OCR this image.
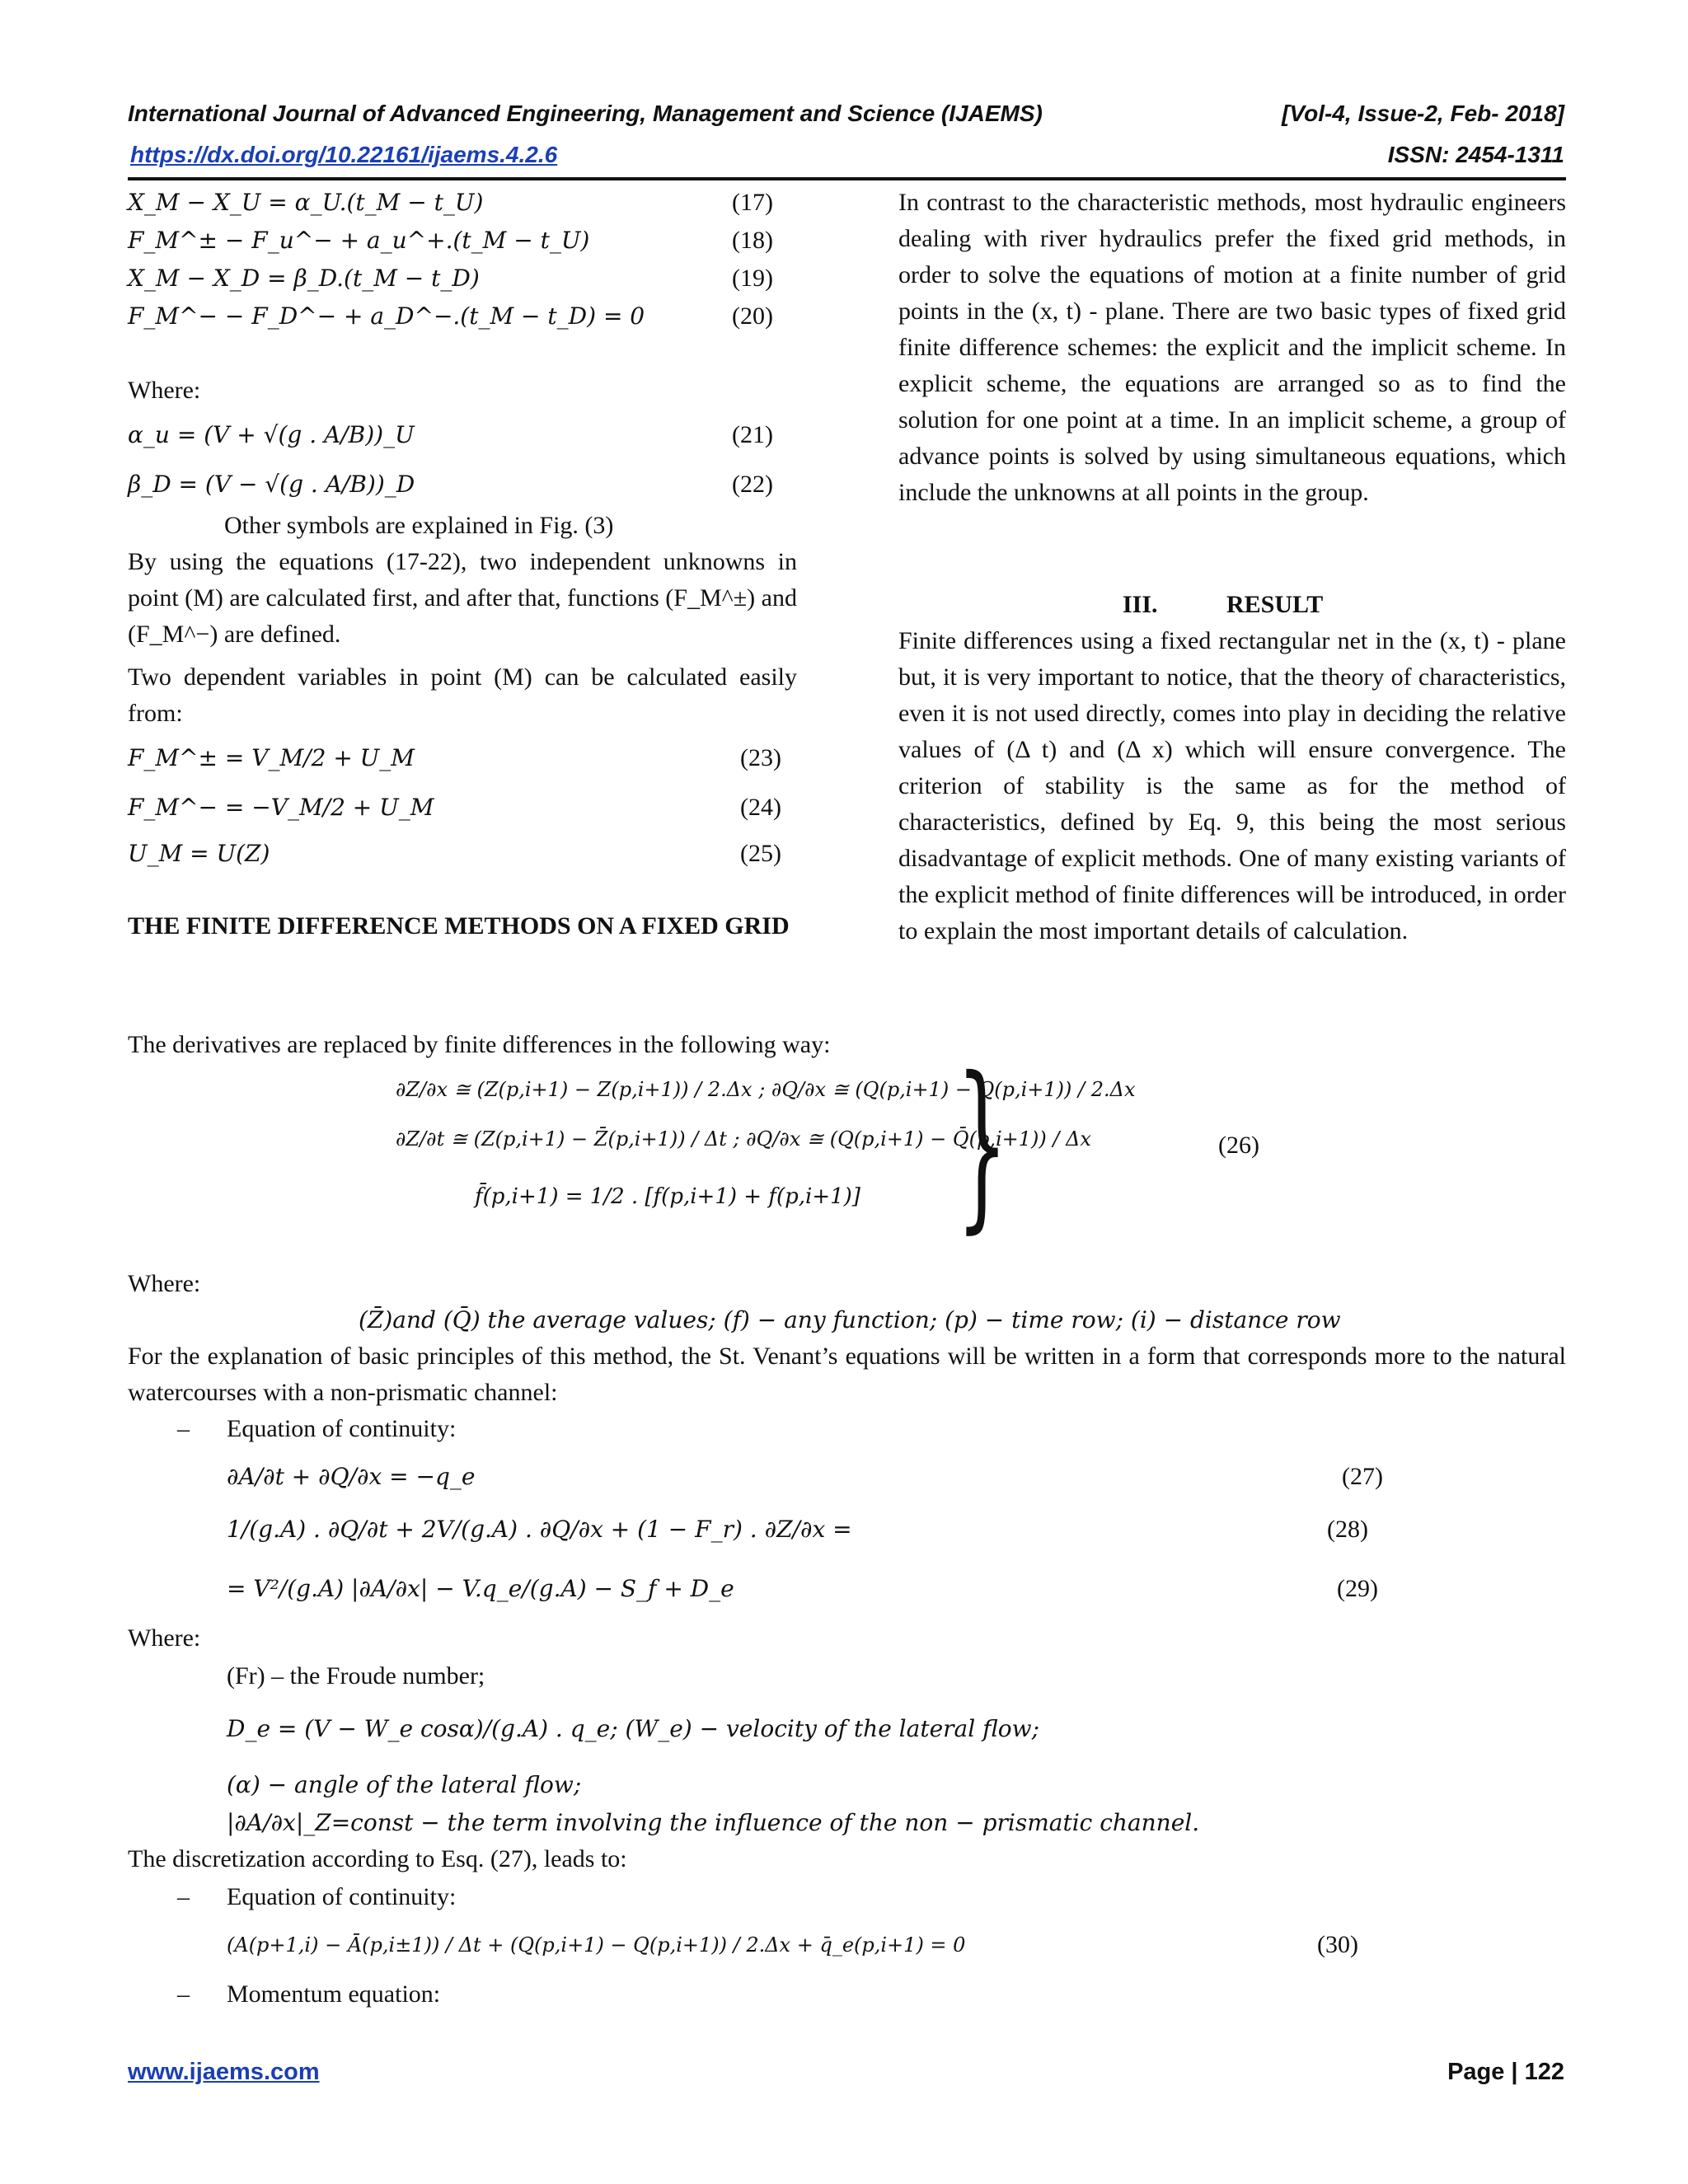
International Journal of Advanced Engineering, Management and Science (IJAEMS)	[Vol-4, Issue-2, Feb- 2018]
https://dx.doi.org/10.22161/ijaems.4.2.6	ISSN: 2454-1311
X_M − X_U = α_U.(t_M − t_U)	(17)
F_M^± − F_u^− + a_u^+.(t_M − t_U)	(18)
X_M − X_D = β_D.(t_M − t_D)	(19)
F_M^− − F_D^− + a_D^−.(t_M − t_D) = 0	(20)
Where:
α_u = (V + √(g . A/B))_U	(21)
β_D = (V − √(g . A/B))_D	(22)
Other symbols are explained in Fig. (3)
By using the equations (17-22), two independent unknowns in point (M) are calculated first, and after that, functions (F_M^±) and (F_M^−) are defined.
Two dependent variables in point (M) can be calculated easily from:
F_M^± = V_M/2 + U_M	(23)
F_M^− = −V_M/2 + U_M	(24)
U_M = U(Z)	(25)
THE FINITE DIFFERENCE METHODS ON A FIXED GRID
In contrast to the characteristic methods, most hydraulic engineers dealing with river hydraulics prefer the fixed grid methods, in order to solve the equations of motion at a finite number of grid points in the (x, t) - plane. There are two basic types of fixed grid finite difference schemes: the explicit and the implicit scheme. In explicit scheme, the equations are arranged so as to find the solution for one point at a time. In an implicit scheme, a group of advance points is solved by using simultaneous equations, which include the unknowns at all points in the group.
III.	RESULT
Finite differences using a fixed rectangular net in the (x, t) - plane but, it is very important to notice, that the theory of characteristics, even it is not used directly, comes into play in deciding the relative values of (Δ t) and (Δ x) which will ensure convergence. The criterion of stability is the same as for the method of characteristics, defined by Eq. 9, this being the most serious disadvantage of explicit methods. One of many existing variants of the explicit method of finite differences will be introduced, in order to explain the most important details of calculation.
The derivatives are replaced by finite differences in the following way:
∂Z/∂x ≅ (Z(p,i+1) − Z(p,i+1)) / 2.Δx ; ∂Q/∂x ≅ (Q(p,i+1) − Q(p,i+1)) / 2.Δx
∂Z/∂t ≅ (Z(p,i+1) − Z̄(p,i+1)) / Δt ; ∂Q/∂x ≅ (Q(p,i+1) − Q̄(p,i+1)) / Δx
f̄(p,i+1) = 1/2 . [f(p,i+1) + f(p,i+1)] }	(26)
Where:
(Z̄)and (Q̄) the average values; (f) − any function; (p) − time row; (i) − distance row
For the explanation of basic principles of this method, the St. Venant’s equations will be written in a form that corresponds more to the natural watercourses with a non-prismatic channel:
– Equation of continuity:
∂A/∂t + ∂Q/∂x = −q_e	(27)
1/(g.A) . ∂Q/∂t + 2V/(g.A) . ∂Q/∂x + (1 − F_r) . ∂Z/∂x =	(28)
= V²/(g.A) |∂A/∂x| − V.q_e/(g.A) − S_f + D_e	(29)
Where:
(Fr) – the Froude number;
D_e = (V − W_e cosα)/(g.A) . q_e; (W_e) − velocity of the lateral flow;
(α) − angle of the lateral flow;
|∂A/∂x|_Z=const − the term involving the influence of the non − prismatic channel.
The discretization according to Esq. (27), leads to:
– Equation of continuity:
(A(p+1,i) − Ā(p,i±1)) / Δt + (Q(p,i+1) − Q(p,i+1)) / 2.Δx + q̄_e(p,i+1) = 0	(30)
– Momentum equation:
www.ijaems.com	Page | 122
